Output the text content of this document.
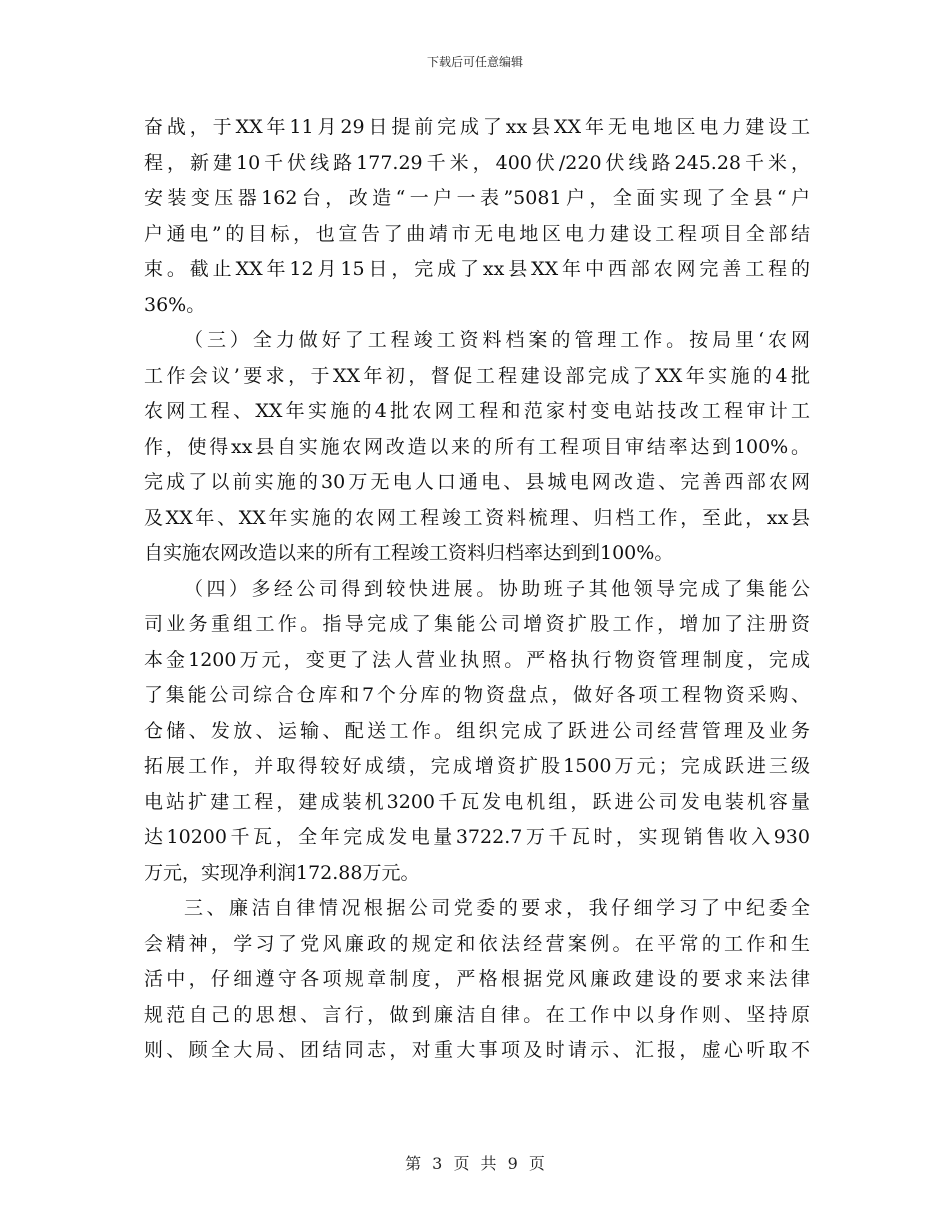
下载后可任意编辑
奋战，于XX年11月29日提前完成了xx县XX年无电地区电力建设工
程，新建10千伏线路177.29千米，400伏/220伏线路245.28千米，
安装变压器162台，改造“一户一表”5081户，全面实现了全县“户
户通电”的目标，也宣告了曲靖市无电地区电力建设工程项目全部结
束。截止XX年12月15日，完成了xx县XX年中西部农网完善工程的
36%。
（三）全力做好了工程竣工资料档案的管理工作。按局里‘农网
工作会议’要求，于XX年初，督促工程建设部完成了XX年实施的4批
农网工程、XX年实施的4批农网工程和范家村变电站技改工程审计工
作，使得xx县自实施农网改造以来的所有工程项目审结率达到100%。
完成了以前实施的30万无电人口通电、县城电网改造、完善西部农网
及XX年、XX年实施的农网工程竣工资料梳理、归档工作，至此，xx县
自实施农网改造以来的所有工程竣工资料归档率达到到100%。
（四）多经公司得到较快进展。协助班子其他领导完成了集能公
司业务重组工作。指导完成了集能公司增资扩股工作，增加了注册资
本金1200万元，变更了法人营业执照。严格执行物资管理制度，完成
了集能公司综合仓库和7个分库的物资盘点，做好各项工程物资采购、
仓储、发放、运输、配送工作。组织完成了跃进公司经营管理及业务
拓展工作，并取得较好成绩，完成增资扩股1500万元；完成跃进三级
电站扩建工程，建成装机3200千瓦发电机组，跃进公司发电装机容量
达10200千瓦，全年完成发电量3722.7万千瓦时，实现销售收入930
万元，实现净利润172.88万元。
三、廉洁自律情况根据公司党委的要求，我仔细学习了中纪委全
会精神，学习了党风廉政的规定和依法经营案例。在平常的工作和生
活中，仔细遵守各项规章制度，严格根据党风廉政建设的要求来法律
规范自己的思想、言行，做到廉洁自律。在工作中以身作则、坚持原
则、顾全大局、团结同志，对重大事项及时请示、汇报，虚心听取不
第 3 页 共 9 页
